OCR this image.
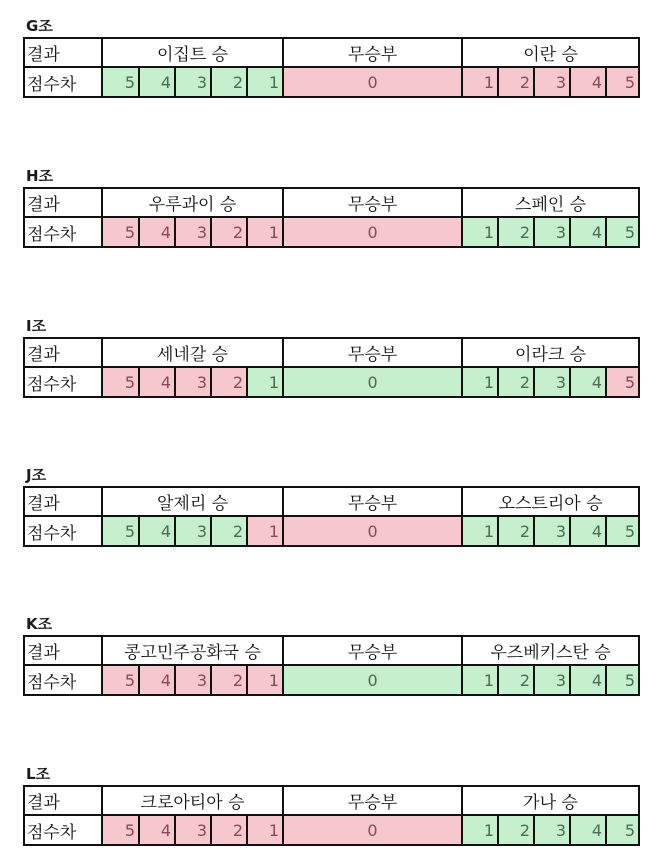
G조
결과	이집트 승					무승부	이란 승				
점수차	5	4	3	2	1	0	1	2	3	4	5
H조
결과	우루과이 승					무승부	스페인 승				
점수차	5	4	3	2	1	0	1	2	3	4	5
I조
결과	세네갈 승					무승부	이라크 승				
점수차	5	4	3	2	1	0	1	2	3	4	5
J조
결과	알제리 승					무승부	오스트리아 승				
점수차	5	4	3	2	1	0	1	2	3	4	5
K조
결과	콩고민주공화국 승					무승부	우즈베키스탄 승				
점수차	5	4	3	2	1	0	1	2	3	4	5
L조
결과	크로아티아 승					무승부	가나 승				
점수차	5	4	3	2	1	0	1	2	3	4	5
